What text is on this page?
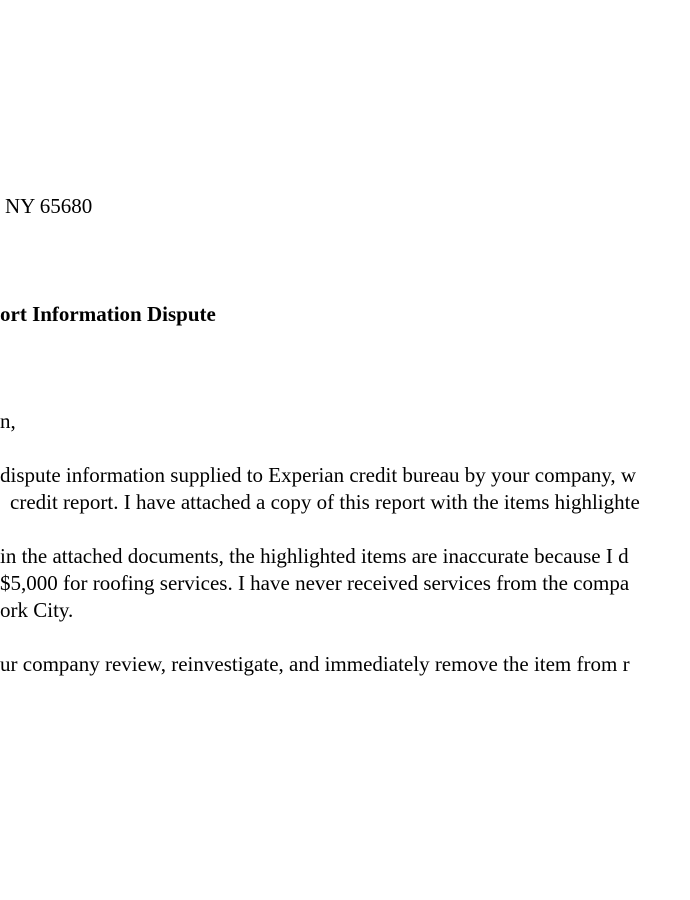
NY 65680

ort Information Dispute

n,

dispute information supplied to Experian credit bureau by your company, w

credit report. I have attached a copy of this report with the items highlighte

in the attached documents, the highlighted items are inaccurate because I d

$5,000 for roofing services. I have never received services from the compa

ork City.

ur company review, reinvestigate, and immediately remove the item from r
